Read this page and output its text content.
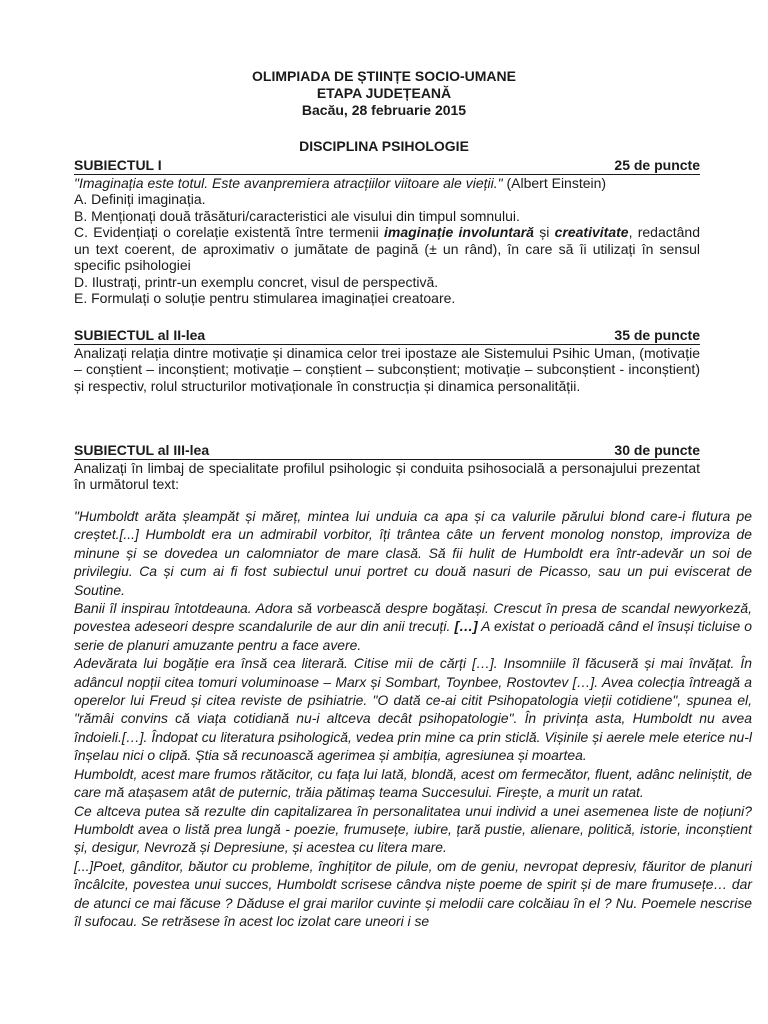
OLIMPIADA DE ȘTIINȚE SOCIO-UMANE
ETAPA JUDEȚEANĂ
Bacău, 28 februarie 2015
DISCIPLINA PSIHOLOGIE
SUBIECTUL I	25 de puncte

"Imaginația este totul. Este avanpremiera atracțiilor viitoare ale vieții." (Albert Einstein)

A. Definiți imaginația.

B. Menționați două trăsături/caracteristici ale visului din timpul somnului.

C. Evidențiați o corelație existentă între termenii imaginație involuntară și creativitate, redactând un text coerent, de aproximativ o jumătate de pagină (± un rând), în care să îi utilizați în sensul specific psihologiei

D. Ilustrați, printr-un exemplu concret, visul de perspectivă.

E. Formulați o soluție pentru stimularea imaginației creatoare.

SUBIECTUL al II-lea	35 de puncte

Analizați relația dintre motivație și dinamica celor trei ipostaze ale Sistemului Psihic Uman, (motivație – conștient – inconștient; motivație – conștient – subconștient; motivație – subconștient - inconștient) și respectiv, rolul structurilor motivaționale în construcția și dinamica personalității.

SUBIECTUL al III-lea	30 de puncte

Analizați în limbaj de specialitate profilul psihologic și conduita psihosocială a personajului prezentat în următorul text:

"Humboldt arăta șleampăt și măreț, mintea lui unduia ca apa și ca valurile părului blond care-i flutura pe creștet.[...] Humboldt era un admirabil vorbitor, îți trântea câte un fervent monolog nonstop, improviza de minune și se dovedea un calomniator de mare clasă. Să fii hulit de Humboldt era într-adevăr un soi de privilegiu. Ca și cum ai fi fost subiectul unui portret cu două nasuri de Picasso, sau un pui eviscerat de Soutine.

Banii îl inspirau întotdeauna. Adora să vorbească despre bogătași. Crescut în presa de scandal newyorkeză, povestea adeseori despre scandalurile de aur din anii trecuți. […] A existat o perioadă când el însuși ticluise o serie de planuri amuzante pentru a face avere.

Adevărata lui bogăție era însă cea literară. Citise mii de cărți […]. Insomniile îl făcuseră și mai învățat. În adâncul nopții citea tomuri voluminoase – Marx și Sombart, Toynbee, Rostovtev […]. Avea colecția întreagă a operelor lui Freud și citea reviste de psihiatrie. "O dată ce-ai citit Psihopatologia vieții cotidiene", spunea el, "rămâi convins că viața cotidiană nu-i altceva decât psihopatologie". În privința asta, Humboldt nu avea îndoieli.[…]. Îndopat cu literatura psihologică, vedea prin mine ca prin sticlă. Vișinile și aerele mele eterice nu-l înșelau nici o clipă. Știa să recunoască agerimea și ambiția, agresiunea și moartea.

Humboldt, acest mare frumos rătăcitor, cu fața lui lată, blondă, acest om fermecător, fluent, adânc neliniștit, de care mă atașasem atât de puternic, trăia pătimaș teama Succesului. Firește, a murit un ratat.

Ce altceva putea să rezulte din capitalizarea în personalitatea unui individ a unei asemenea liste de noțiuni? Humboldt avea o listă prea lungă - poezie, frumusețe, iubire, țară pustie, alienare, politică, istorie, inconștient și, desigur, Nevroză și Depresiune, și acestea cu litera mare.

[...]Poet, gânditor, băutor cu probleme, înghițitor de pilule, om de geniu, nevropat depresiv, făuritor de planuri încâlcite, povestea unui succes, Humboldt scrisese cândva niște poeme de spirit și de mare frumusețe… dar de atunci ce mai făcuse ? Dăduse el grai marilor cuvinte și melodii care colcăiau în el ? Nu. Poemele nescrise îl sufocau. Se retrăsese în acest loc izolat care uneori i se
